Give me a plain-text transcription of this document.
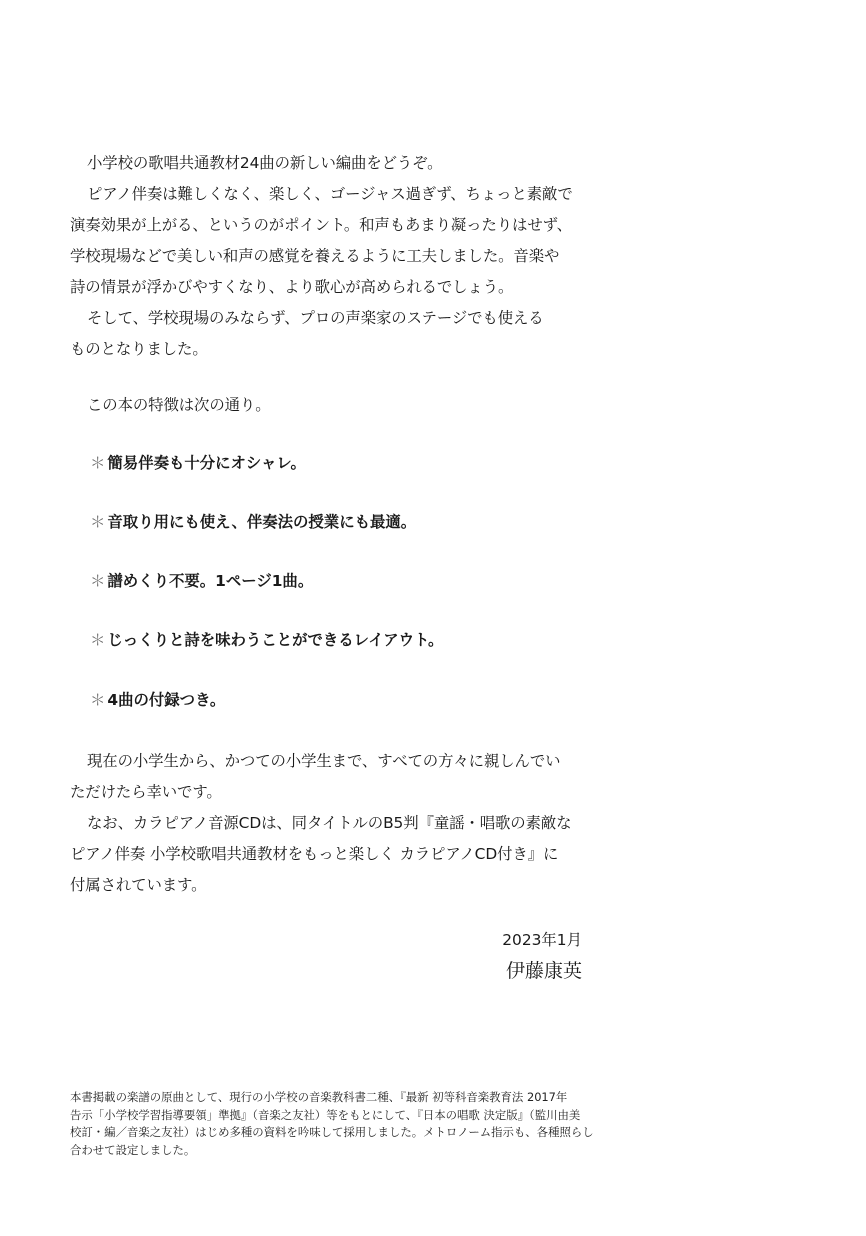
小学校の歌唱共通教材24曲の新しい編曲をどうぞ。
ピアノ伴奏は難しくなく、楽しく、ゴージャス過ぎず、ちょっと素敵で
演奏効果が上がる、というのがポイント。和声もあまり凝ったりはせず、
学校現場などで美しい和声の感覚を養えるように工夫しました。音楽や
詩の情景が浮かびやすくなり、より歌心が高められるでしょう。
そして、学校現場のみならず、プロの声楽家のステージでも使える
ものとなりました。
この本の特徴は次の通り。
＊ 簡易伴奏も十分にオシャレ。
＊ 音取り用にも使え、伴奏法の授業にも最適。
＊ 譜めくり不要。1ページ1曲。
＊ じっくりと詩を味わうことができるレイアウト。
＊ 4曲の付録つき。
現在の小学生から、かつての小学生まで、すべての方々に親しんでい
ただけたら幸いです。
なお、カラピアノ音源CDは、同タイトルのB5判『童謡・唱歌の素敵な
ピアノ伴奏 小学校歌唱共通教材をもっと楽しく カラピアノCD付き』に
付属されています。
2023年1月
伊藤康英
本書掲載の楽譜の原曲として、現行の小学校の音楽教科書二種、『最新 初等科音楽教育法 2017年
告示「小学校学習指導要領」準拠』（音楽之友社）等をもとにして、『日本の唱歌 決定版』（監川由美
校訂・編／音楽之友社）はじめ多種の資料を吟味して採用しました。メトロノーム指示も、各種照らし
合わせて設定しました。
